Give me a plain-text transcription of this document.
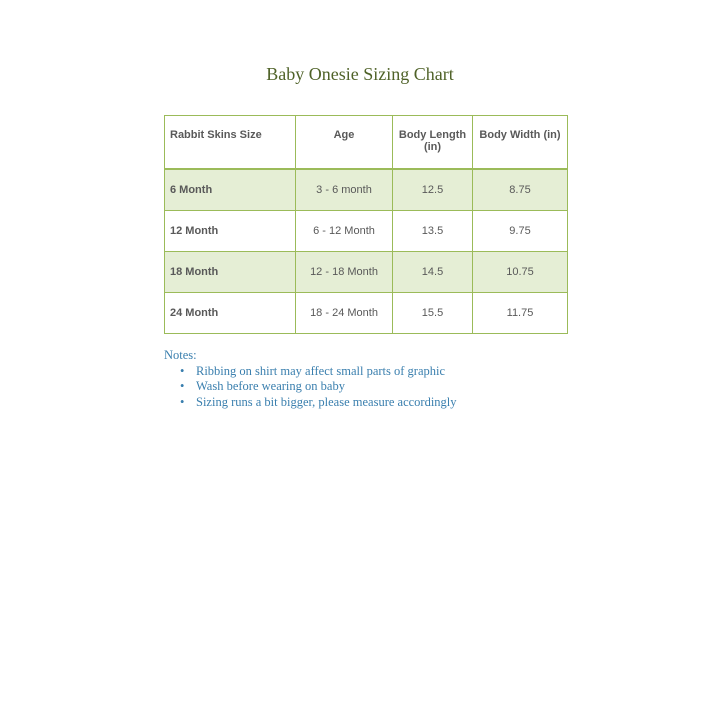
Baby Onesie Sizing Chart
Rabbit Skins Size	Age	Body Length (in)	Body Width (in)
6 Month	3 - 6 month	12.5	8.75
12 Month	6 - 12 Month	13.5	9.75
18 Month	12 - 18 Month	14.5	10.75
24 Month	18 - 24 Month	15.5	11.75
Notes:
• Ribbing on shirt may affect small parts of graphic
• Wash before wearing on baby
• Sizing runs a bit bigger, please measure accordingly
